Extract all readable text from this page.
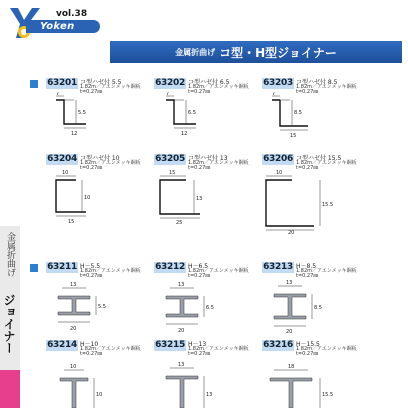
vol.38
Yoken
金属折曲げ コ型・H型ジョイナー
金属折曲げ
ジョイナー
63201 コ型ハゼ付 5.5
1.82m／アエンメッキ鋼板
t=0.27㎜
7
5.5
12
63202 コ型ハゼ付 6.5
1.82m／アエンメッキ鋼板
t=0.27㎜
7
6.5
12
63203 コ型ハゼ付 8.5
1.82m／アエンメッキ鋼板
t=0.27㎜
7
8.5
15
63204 コ型ハゼ付 10
1.82m／アエンメッキ鋼板
t=0.27㎜
10
10
15
63205 コ型ハゼ付 13
1.82m／アエンメッキ鋼板
t=0.27㎜
15
13
25
63206 コ型ハゼ付 15.5
1.82m／アエンメッキ鋼板
t=0.27㎜
10
15.5
20
63211 H－5.5
1.82m／アエンメッキ鋼板
t=0.27㎜
13
5.5
20
63212 H－6.5
1.82m／アエンメッキ鋼板
t=0.27㎜
13
6.5
20
63213 H－8.5
1.82m／アエンメッキ鋼板
t=0.27㎜
13
8.5
20
63214 H－10
1.82m／アエンメッキ鋼板
t=0.27㎜
10
10
63215 H－13
1.82m／アエンメッキ鋼板
t=0.27㎜
13
13
63216 H－15.5
1.82m／アエンメッキ鋼板
t=0.27㎜
18
15.5
